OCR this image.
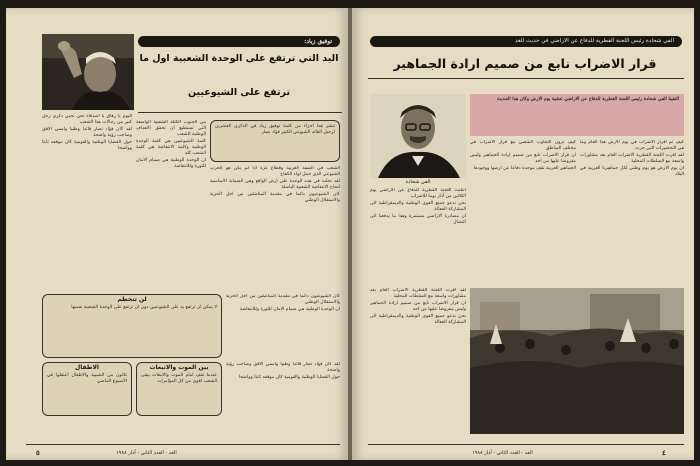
توفيق زياد:
اليد التي ترتفع على الوحدة الشعبية اول ما
ترتفع على الشيوعيين

تنشر هذا اجزاء من كلمة توفيق زياد في الذكرى العشرين لرحيل القائد الشيوعي الكبير فؤاد نصار

الشعب في الضفة الغربية وقطاع غزة اذا لم يكن هو الحزب الشيوعي الذي حمل لواء الكفاح

لقد تجلت في هذه الوحدة على ارض الواقع وهي الضمانة الاساسية لنجاح الانتفاضة الشعبية الباسلة

كان الشيوعيون دائما في مقدمة المناضلين من اجل الحرية والاستقلال الوطني

من الجنوب الكتلة الشعبية الواسعة التي تستطيع ان تحقق الاهداف الوطنية للشعب

كلمة الشيوعيين هي كلمة الوحدة الوطنية وكلمة الانتفاضة هي كلمة الشعب كله

ان الوحدة الوطنية هي صمام الامان للثورة وللانتفاضة

اليوم يا رفاق يا اصدقاء نحن نحيي ذكرى رجل كبير من رجالات هذا الشعب

لقد كان فؤاد نصار قائدا وطنيا واممي الافق وصاحب رؤية واضحة

حول القضايا الوطنية والقومية كان موقفه ثابتا وواضحا

لن تتحطم
لا يمكن ان ترتفع يد على الشيوعيين دون ان ترتفع على الوحدة الشعبية نفسها

كان الشيوعيون دائما في مقدمة المناضلين من اجل الحرية والاستقلال الوطني

ان الوحدة الوطنية هي صمام الامان للثورة وللانتفاضة

الاطفال
ثلاثون من الشبيبة والاطفال اعتقلوا في الاسبوع الماضي
بين الموت والانبعاث
عندما تقف امام الموت والانبعاث يبقى الشعب اقوى من كل المؤامرات

لقد كان فؤاد نصار قائدا وطنيا واممي الافق وصاحب رؤية واضحة

حول القضايا الوطنية والقومية كان موقفه ثابتا وواضحا

الغد - العدد الثاني - آذار ١٩٨٨
٥
الفي شحادة رئيس اللجنة القطرية للدفاع عن الاراضي في حديث للغد
قرار الاضراب نابع من صميم ارادة الجماهير
الفي شحادة

التقينا الفي شحادة رئيس اللجنة القطرية للدفاع عن الاراضي عشية يوم الارض وكان هذا الحديث

كيف تم اقرار الاضراب في يوم الارض هذا العام وما هي التحضيرات التي جرت

لقد اقرت اللجنة القطرية الاضراب العام بعد مشاورات واسعة مع السلطات المحلية

ان يوم الارض هو يوم وطني لكل جماهيرنا العربية في البلاد

كيف ترون التجاوب الشعبي مع قرار الاضراب في مختلف المناطق

ان قرار الاضراب نابع من صميم ارادة الجماهير وليس مفروضا عليها من احد

الجماهير العربية تقف موحدة دفاعا عن ارضها ووجودها

اعلنت اللجنة القطرية للدفاع عن الاراضي يوم الثلاثين من آذار يوما للاضراب

نحن ندعو جميع القوى الوطنية والديمقراطية الى المشاركة الفعالة

ان مصادرة الاراضي مستمرة وهذا ما يدفعنا الى النضال

لقد اقرت اللجنة القطرية الاضراب العام بعد مشاورات واسعة مع السلطات المحلية

ان قرار الاضراب نابع من صميم ارادة الجماهير وليس مفروضا عليها من احد

نحن ندعو جميع القوى الوطنية والديمقراطية الى المشاركة الفعالة

الغد - العدد الثاني - آذار ١٩٨٨	٤
